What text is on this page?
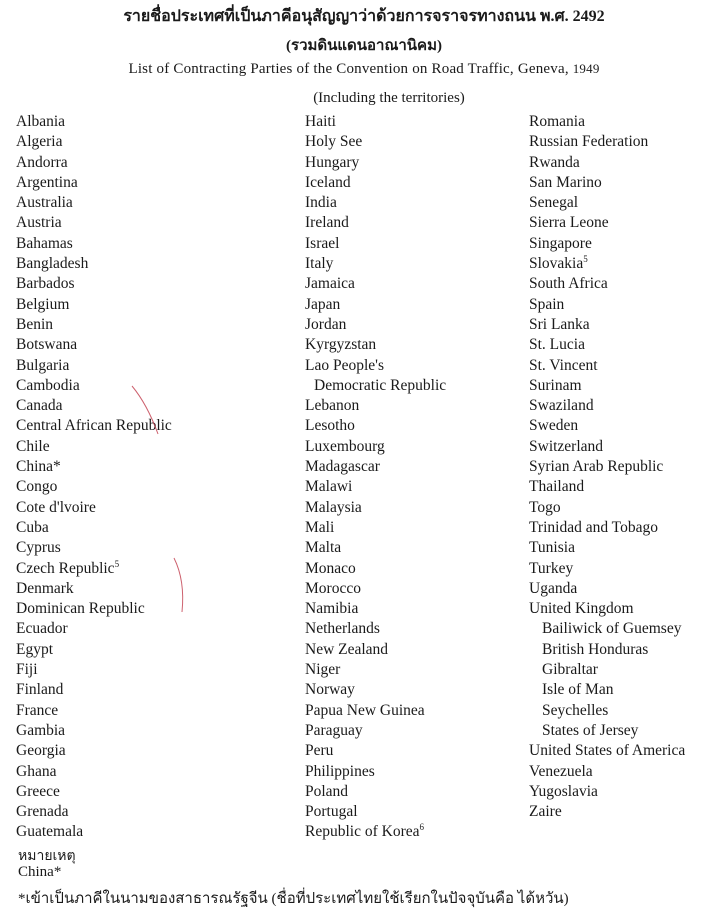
รายชื่อประเทศที่เป็นภาคีอนุสัญญาว่าด้วยการจราจรทางถนน พ.ศ. 2492
(รวมดินแดนอาณานิคม)
List of Contracting Parties of the Convention on Road Traffic, Geneva, 1949
(Including the territories)
Albania
Algeria
Andorra
Argentina
Australia
Austria
Bahamas
Bangladesh
Barbados
Belgium
Benin
Botswana
Bulgaria
Cambodia
Canada
Central African Republic
Chile
China*
Congo
Cote d'lvoire
Cuba
Cyprus
Czech Republic$^5$
Denmark
Dominican Republic
Ecuador
Egypt
Fiji
Finland
France
Gambia
Georgia
Ghana
Greece
Grenada
Guatemala
Haiti
Holy See
Hungary
Iceland
India
Ireland
Israel
Italy
Jamaica
Japan
Jordan
Kyrgyzstan
Lao People's
Democratic Republic
Lebanon
Lesotho
Luxembourg
Madagascar
Malawi
Malaysia
Mali
Malta
Monaco
Morocco
Namibia
Netherlands
New Zealand
Niger
Norway
Papua New Guinea
Paraguay
Peru
Philippines
Poland
Portugal
Republic of Korea$^6$
Romania
Russian Federation
Rwanda
San Marino
Senegal
Sierra Leone
Singapore
Slovakia$^5$
South Africa
Spain
Sri Lanka
St. Lucia
St. Vincent
Surinam
Swaziland
Sweden
Switzerland
Syrian Arab Republic
Thailand
Togo
Trinidad and Tobago
Tunisia
Turkey
Uganda
United Kingdom
Bailiwick of Guemsey
British Honduras
Gibraltar
Isle of Man
Seychelles
States of Jersey
United States of America
Venezuela
Yugoslavia
Zaire
หมายเหตุ
China*
*เข้าเป็นภาคีในนามของสาธารณรัฐจีน (ชื่อที่ประเทศไทยใช้เรียกในปัจจุบันคือ ได้หวัน)
